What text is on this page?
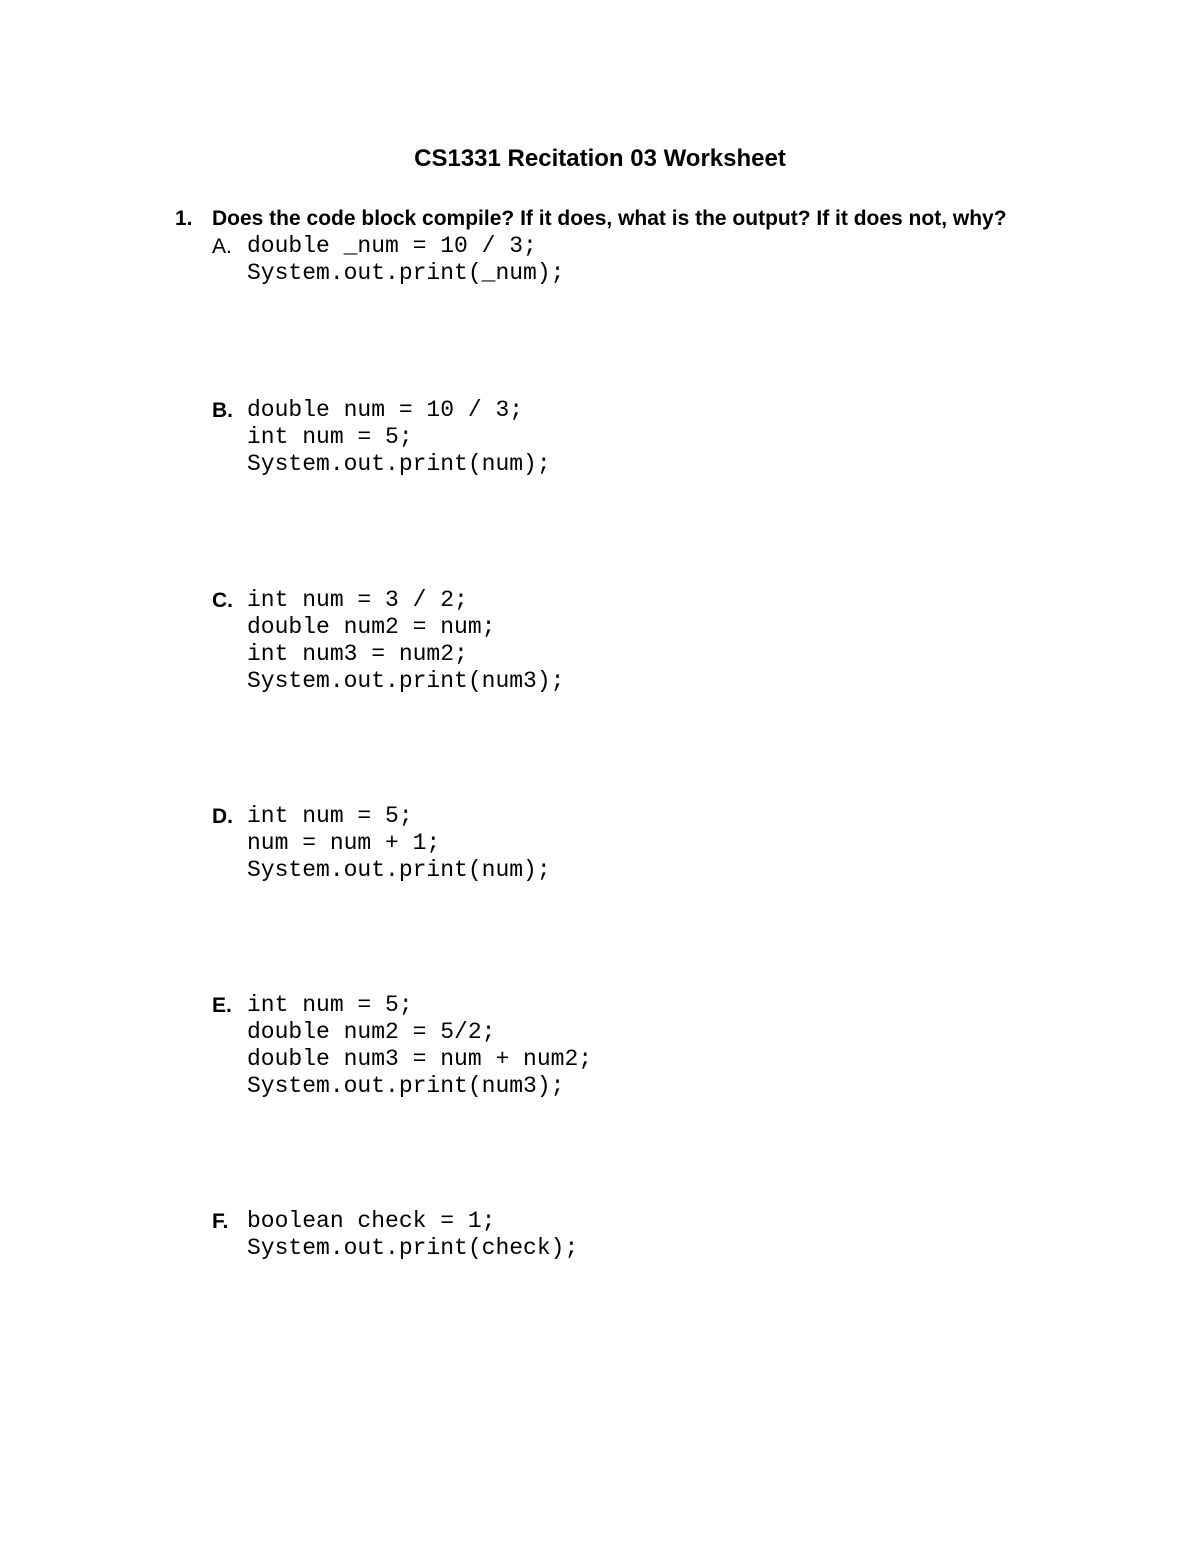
CS1331 Recitation 03 Worksheet
1. Does the code block compile? If it does, what is the output? If it does not, why?
A. double _num = 10 / 3;
System.out.print(_num);
B. double num = 10 / 3;
int num = 5;
System.out.print(num);
C. int num = 3 / 2;
double num2 = num;
int num3 = num2;
System.out.print(num3);
D. int num = 5;
num = num + 1;
System.out.print(num);
E. int num = 5;
double num2 = 5/2;
double num3 = num + num2;
System.out.print(num3);
F. boolean check = 1;
System.out.print(check);
